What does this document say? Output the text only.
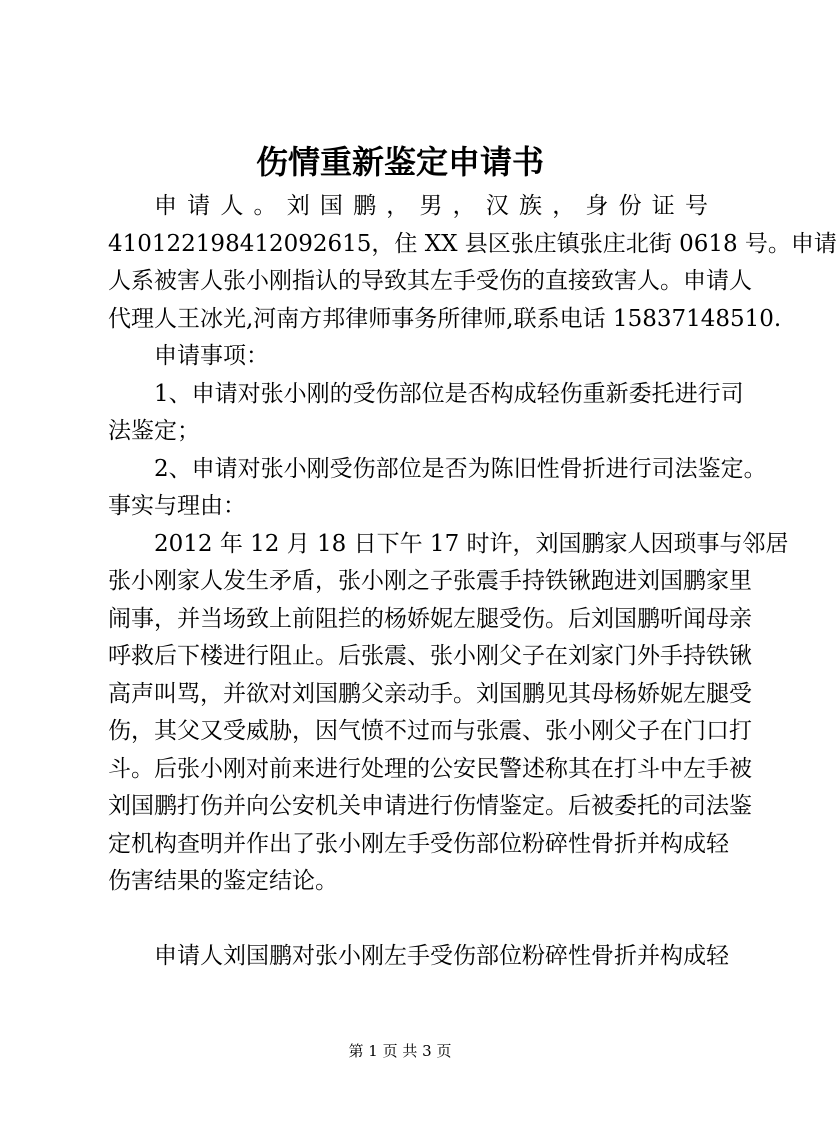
伤情重新鉴定申请书
申 请 人 。 刘 国 鹏 ， 男 ， 汉 族 ， 身 份 证 号
41012219841209​2615，住 XX 县区张庄镇张庄北街 0618 号。申请
人系被害人张小刚指认的导致其左手受伤的直接致害人。申请人
代理人王冰光,河南方邦律师事务所律师,联系电话 15837148510.
申请事项：
1、申请对张小刚的受伤部位是否构成轻伤重新委托进行司
法鉴定；
2、申请对张小刚受伤部位是否为陈旧性骨折进行司法鉴定。
事实与理由：
2012 年 12 月 18 日下午 17 时许，刘国鹏家人因琐事与邻居
张小刚家人发生矛盾，张小刚之子张震手持铁锹跑进刘国鹏家里
闹事，并当场致上前阻拦的杨娇妮左腿受伤。后刘国鹏听闻母亲
呼救后下楼进行阻止。后张震、张小刚父子在刘家门外手持铁锹
高声叫骂，并欲对刘国鹏父亲动手。刘国鹏见其母杨娇妮左腿受
伤，其父又受威胁，因气愤不过而与张震、张小刚父子在门口打
斗。后张小刚对前来进行处理的公安民警述称其在打斗中左手被
刘国鹏打伤并向公安机关申请进行伤情鉴定。后被委托的司法鉴
定机构查明并作出了张小刚左手受伤部位粉碎性骨折并构成轻
伤害结果的鉴定结论。
申请人刘国鹏对张小刚左手受伤部位粉碎性骨折并构成轻
第 1 页 共 3 页
